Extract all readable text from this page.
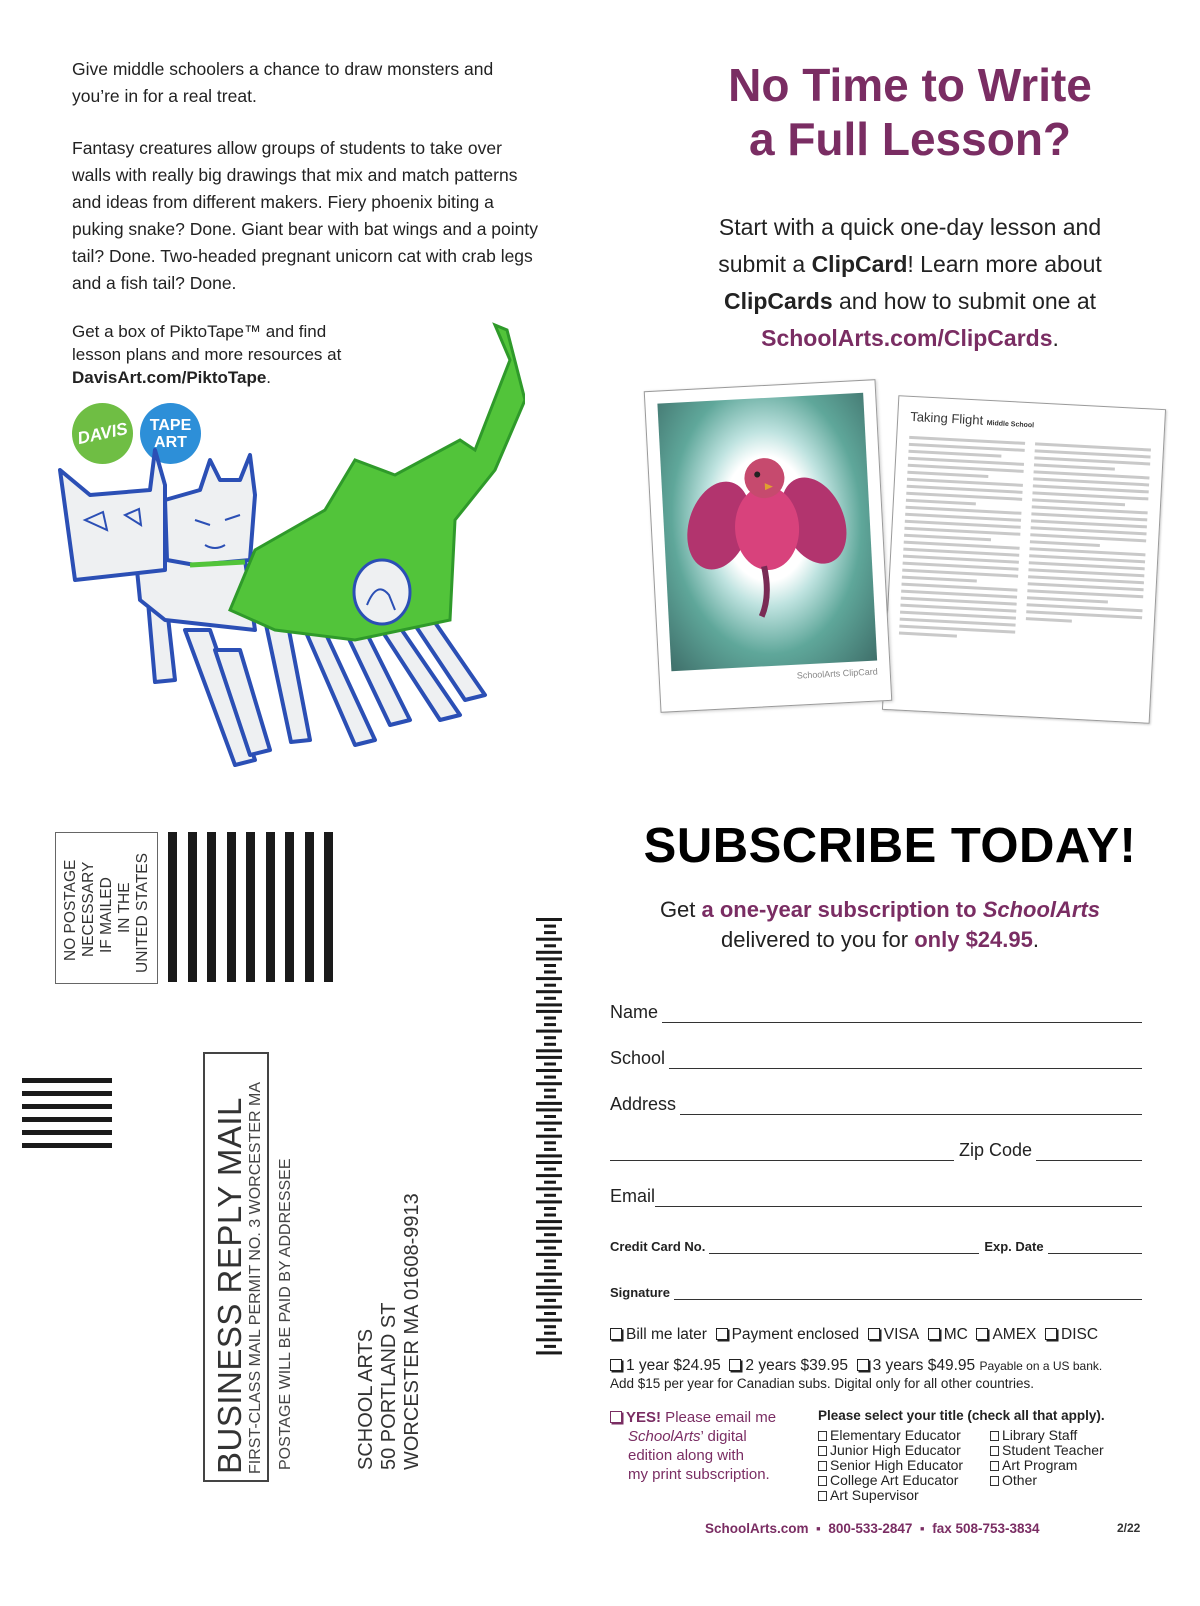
Give middle schoolers a chance to draw monsters and you’re in for a real treat.

Fantasy creatures allow groups of students to take over walls with really big drawings that mix and match patterns and ideas from different makers. Fiery phoenix biting a puking snake? Done. Giant bear with bat wings and a pointy tail? Done. Two-headed pregnant unicorn cat with crab legs and a fish tail? Done.

Get a box of PiktoTape™ and find lesson plans and more resources at DavisArt.com/PiktoTape.
DAVIS TAPE
ART
No Time to Write
a Full Lesson?
Start with a quick one-day lesson and
submit a ClipCard! Learn more about
ClipCards and how to submit one at
SchoolArts.com/ClipCards.
Taking Flight Middle School
SchoolArts ClipCard
NO POSTAGE NECESSARY IF MAILED IN THE UNITED STATES
BUSINESS REPLY MAIL FIRST-CLASS MAIL PERMIT NO. 3 WORCESTER MA POSTAGE WILL BE PAID BY ADDRESSEE	SCHOOL ARTS 50 PORTLAND ST WORCESTER MA 01608-9913
SUBSCRIBE TODAY!
Get a one-year subscription to SchoolArts
delivered to you for only $24.95.
Name
School
Address
Zip Code
Email
Credit Card No.	Exp. Date
Signature
Bill me later Payment enclosed VISA MC AMEX DISC
1 year $24.95 2 years $39.95 3 years $49.95 Payable on a US bank.
Add $15 per year for Canadian subs. Digital only for all other countries.
YES! Please email me
SchoolArts’ digital
edition along with
my print subscription.
Please select your title (check all that apply).
Elementary Educator
Junior High Educator
Senior High Educator
College Art Educator
Art Supervisor
Library Staff
Student Teacher
Art Program
Other
SchoolArts.com  ▪  800-533-2847  ▪  fax 508-753-3834	2/22
